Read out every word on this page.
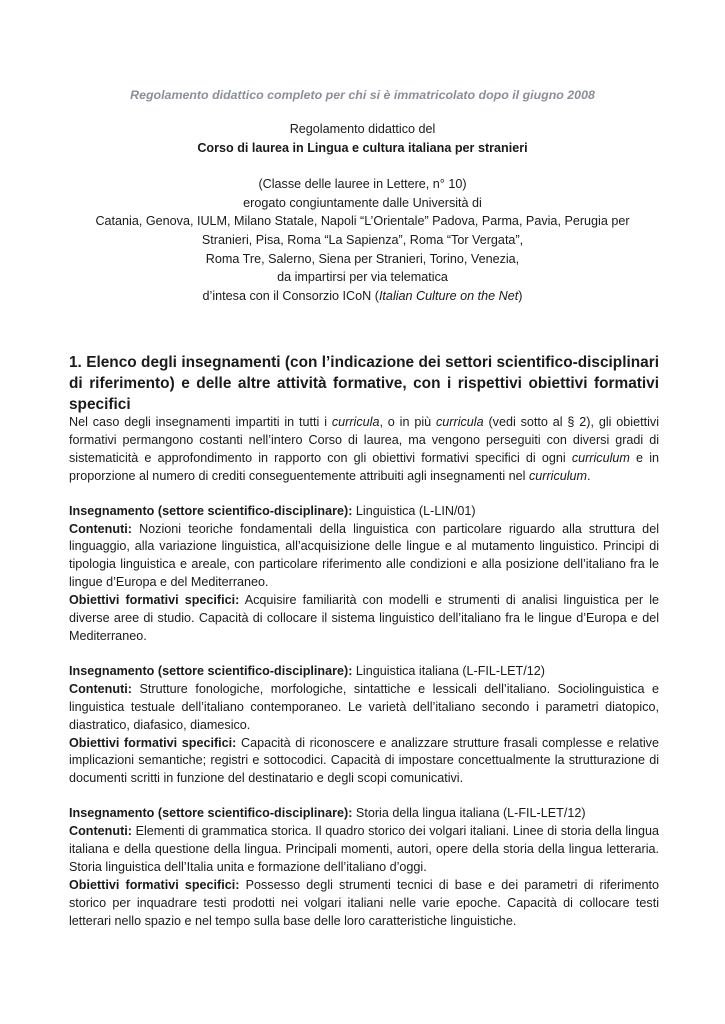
Regolamento didattico completo per chi si è immatricolato dopo il giugno 2008
Regolamento didattico del
Corso di laurea in Lingua e cultura italiana per stranieri
(Classe delle lauree in Lettere, n° 10)
erogato congiuntamente dalle Università di
Catania, Genova, IULM, Milano Statale, Napoli “L’Orientale” Padova, Parma, Pavia, Perugia per
Stranieri, Pisa, Roma “La Sapienza”, Roma “Tor Vergata”,
Roma Tre, Salerno, Siena per Stranieri, Torino, Venezia,
da impartirsi per via telematica
d’intesa con il Consorzio ICoN (Italian Culture on the Net)
1. Elenco degli insegnamenti (con l’indicazione dei settori scientifico-disciplinari di riferimento) e delle altre attività formative, con i rispettivi obiettivi formativi specifici

Nel caso degli insegnamenti impartiti in tutti i curricula, o in più curricula (vedi sotto al § 2), gli obiettivi formativi permangono costanti nell’intero Corso di laurea, ma vengono perseguiti con diversi gradi di sistematicità e approfondimento in rapporto con gli obiettivi formativi specifici di ogni curriculum e in proporzione al numero di crediti conseguentemente attribuiti agli insegnamenti nel curriculum.

Insegnamento (settore scientifico-disciplinare): Linguistica (L-LIN/01)

Contenuti: Nozioni teoriche fondamentali della linguistica con particolare riguardo alla struttura del linguaggio, alla variazione linguistica, all’acquisizione delle lingue e al mutamento linguistico. Principi di tipologia linguistica e areale, con particolare riferimento alle condizioni e alla posizione dell’italiano fra le lingue d’Europa e del Mediterraneo.

Obiettivi formativi specifici: Acquisire familiarità con modelli e strumenti di analisi linguistica per le diverse aree di studio. Capacità di collocare il sistema linguistico dell’italiano fra le lingue d’Europa e del Mediterraneo.

Insegnamento (settore scientifico-disciplinare): Linguistica italiana (L-FIL-LET/12)

Contenuti: Strutture fonologiche, morfologiche, sintattiche e lessicali dell’italiano. Sociolinguistica e linguistica testuale dell’italiano contemporaneo. Le varietà dell’italiano secondo i parametri diatopico, diastratico, diafasico, diamesico.

Obiettivi formativi specifici: Capacità di riconoscere e analizzare strutture frasali complesse e relative implicazioni semantiche; registri e sottocodici. Capacità di impostare concettualmente la strutturazione di documenti scritti in funzione del destinatario e degli scopi comunicativi.

Insegnamento (settore scientifico-disciplinare): Storia della lingua italiana (L-FIL-LET/12)

Contenuti: Elementi di grammatica storica. Il quadro storico dei volgari italiani. Linee di storia della lingua italiana e della questione della lingua. Principali momenti, autori, opere della storia della lingua letteraria. Storia linguistica dell’Italia unita e formazione dell’italiano d’oggi.

Obiettivi formativi specifici: Possesso degli strumenti tecnici di base e dei parametri di riferimento storico per inquadrare testi prodotti nei volgari italiani nelle varie epoche. Capacità di collocare testi letterari nello spazio e nel tempo sulla base delle loro caratteristiche linguistiche.
